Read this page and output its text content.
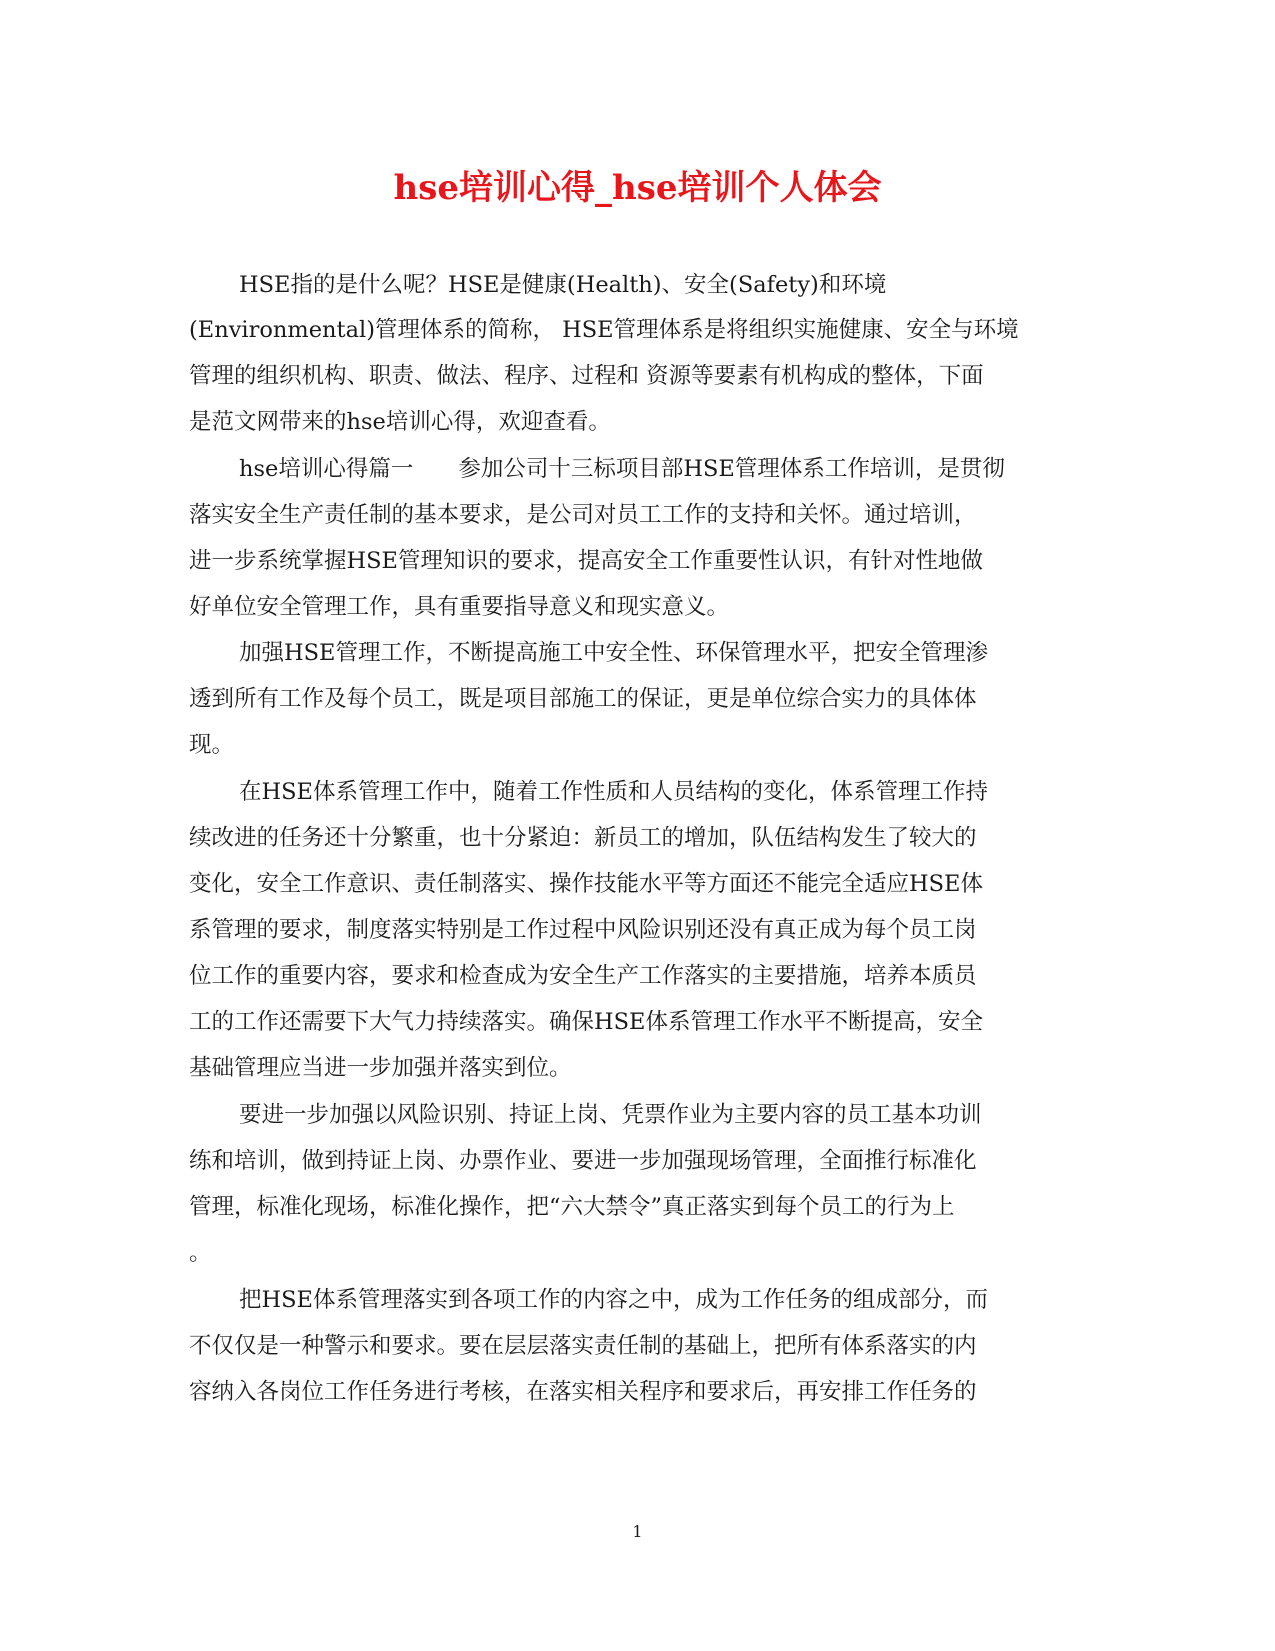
hse培训心得_hse培训个人体会
HSE指的是什么呢？HSE是健康(Health)、安全(Safety)和环境
(Environmental)管理体系的简称， HSE管理体系是将组织实施健康、安全与环境
管理的组织机构、职责、做法、程序、过程和 资源等要素有机构成的整体，下面
是范文网带来的hse培训心得，欢迎查看。
hse培训心得篇一　　参加公司十三标项目部HSE管理体系工作培训，是贯彻
落实安全生产责任制的基本要求，是公司对员工工作的支持和关怀。通过培训，
进一步系统掌握HSE管理知识的要求，提高安全工作重要性认识，有针对性地做
好单位安全管理工作，具有重要指导意义和现实意义。
加强HSE管理工作，不断提高施工中安全性、环保管理水平，把安全管理渗
透到所有工作及每个员工，既是项目部施工的保证，更是单位综合实力的具体体
现。
在HSE体系管理工作中，随着工作性质和人员结构的变化，体系管理工作持
续改进的任务还十分繁重，也十分紧迫：新员工的增加，队伍结构发生了较大的
变化，安全工作意识、责任制落实、操作技能水平等方面还不能完全适应HSE体
系管理的要求，制度落实特别是工作过程中风险识别还没有真正成为每个员工岗
位工作的重要内容，要求和检查成为安全生产工作落实的主要措施，培养本质员
工的工作还需要下大气力持续落实。确保HSE体系管理工作水平不断提高，安全
基础管理应当进一步加强并落实到位。
要进一步加强以风险识别、持证上岗、凭票作业为主要内容的员工基本功训
练和培训，做到持证上岗、办票作业、要进一步加强现场管理，全面推行标准化
管理，标准化现场，标准化操作，把“六大禁令”真正落实到每个员工的行为上
。
把HSE体系管理落实到各项工作的内容之中，成为工作任务的组成部分，而
不仅仅是一种警示和要求。要在层层落实责任制的基础上，把所有体系落实的内
容纳入各岗位工作任务进行考核，在落实相关程序和要求后，再安排工作任务的
1
